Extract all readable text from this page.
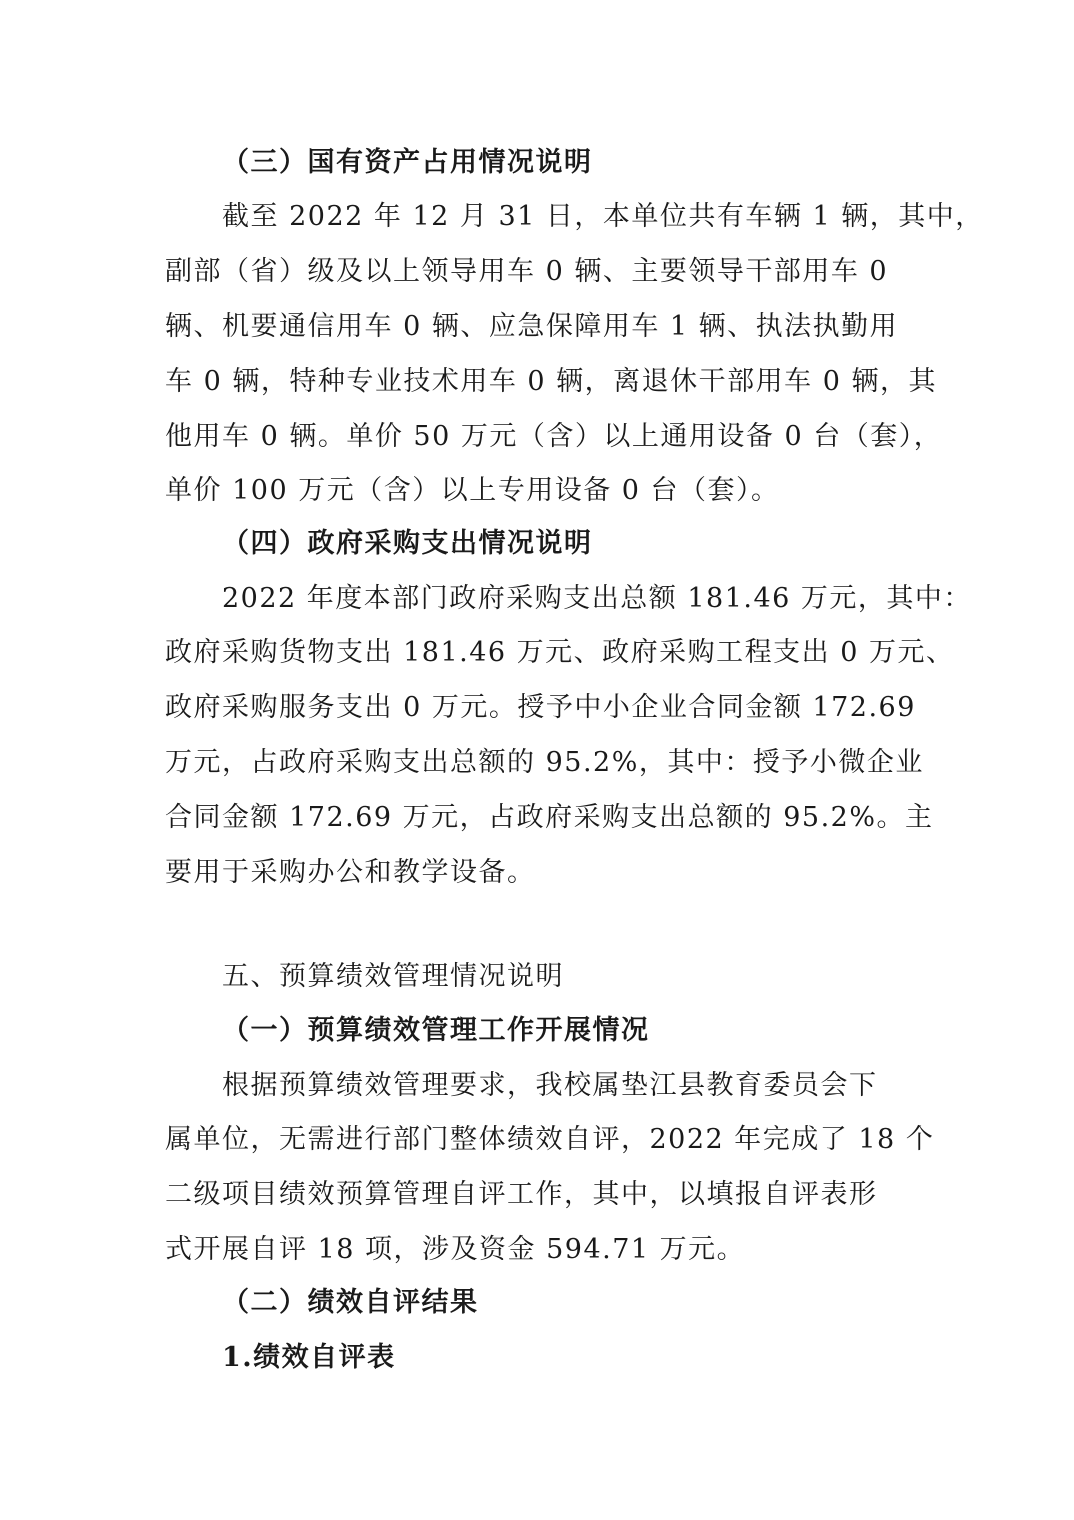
（三）国有资产占用情况说明
截至 2022 年 12 月 31 日，本单位共有车辆 1 辆，其中，
副部（省）级及以上领导用车 0 辆、主要领导干部用车 0
辆、机要通信用车 0 辆、应急保障用车 1 辆、执法执勤用
车 0 辆，特种专业技术用车 0 辆，离退休干部用车 0 辆，其
他用车 0 辆。单价 50 万元（含）以上通用设备 0 台（套），
单价 100 万元（含）以上专用设备 0 台（套）。
（四）政府采购支出情况说明
2022 年度本部门政府采购支出总额 181.46 万元，其中：
政府采购货物支出 181.46 万元、政府采购工程支出 0 万元、
政府采购服务支出 0 万元。授予中小企业合同金额 172.69
万元，占政府采购支出总额的 95.2%，其中：授予小微企业
合同金额 172.69 万元，占政府采购支出总额的 95.2%。主
要用于采购办公和教学设备。
五、预算绩效管理情况说明
（一）预算绩效管理工作开展情况
根据预算绩效管理要求，我校属垫江县教育委员会下
属单位，无需进行部门整体绩效自评，2022 年完成了 18 个
二级项目绩效预算管理自评工作，其中，以填报自评表形
式开展自评 18 项，涉及资金 594.71 万元。
（二）绩效自评结果
1.绩效自评表
